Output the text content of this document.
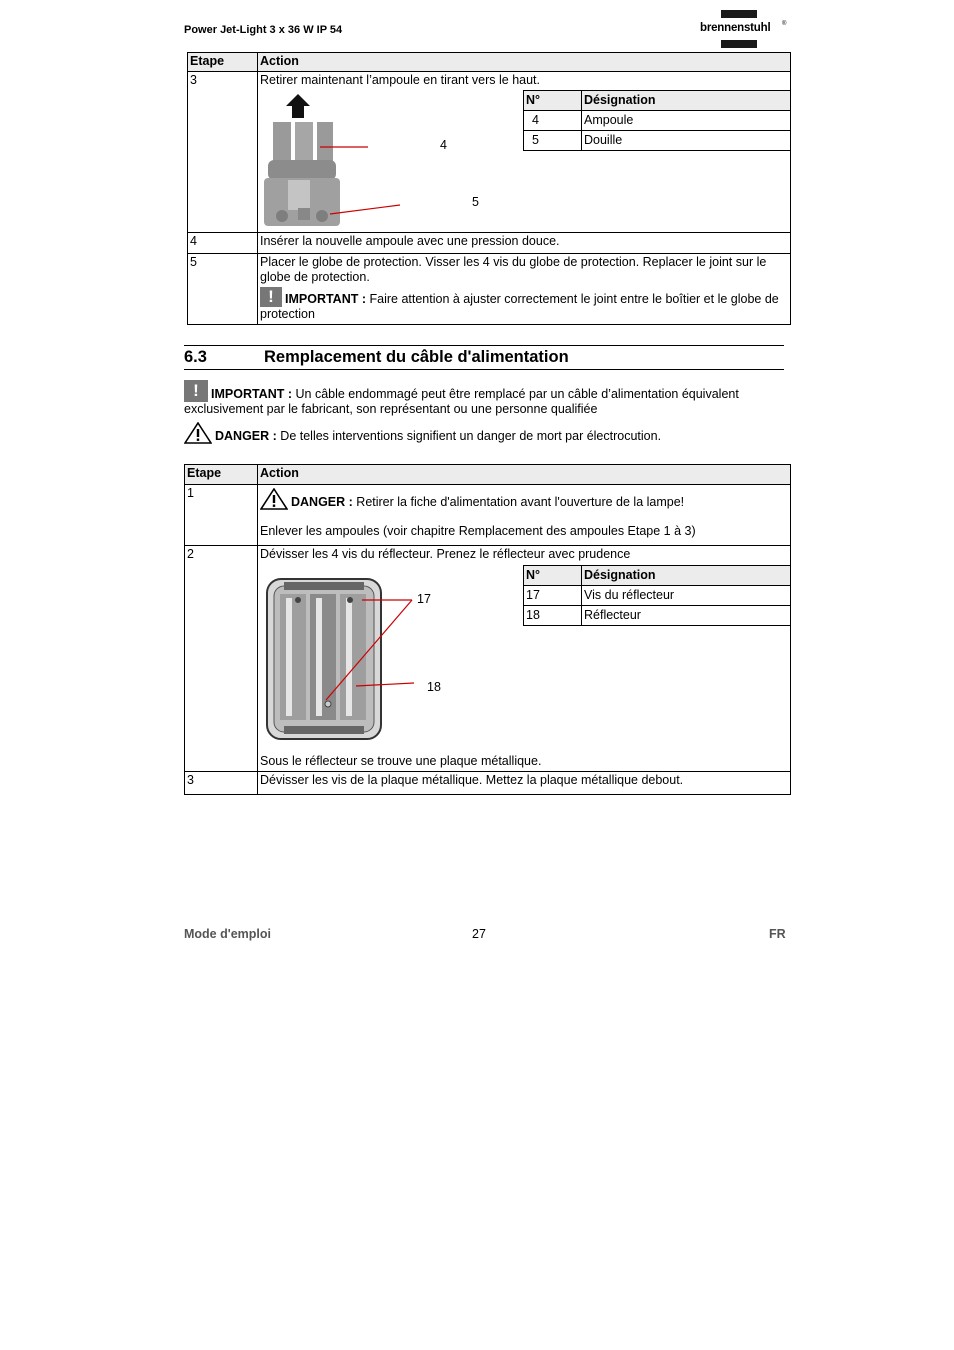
Power Jet-Light 3 x 36 W IP 54	brennenstuhl ®
Etape	Action
3	Retirer maintenant l’ampoule en tirant vers le haut.
4
5

4	Insérer la nouvelle ampoule avec une pression douce.
5	Placer le globe de protection. Visser les 4 vis du globe de protection. Replacer le joint sur le globe de protection.
! IMPORTANT : Faire attention à ajuster correctement le joint entre le boîtier et le globe de protection
N°	Désignation
4	Ampoule
5	Douille
6.3	Remplacement du câble d'alimentation
! IMPORTANT : Un câble endommagé peut être remplacé par un câble d’alimentation équivalent exclusivement par le fabricant, son représentant ou une personne qualifiée
DANGER : De telles interventions signifient un danger de mort par électrocution.
Etape	Action
1	DANGER : Retirer la fiche d'alimentation avant l'ouverture de la lampe!
Enlever les ampoules (voir chapitre Remplacement des ampoules Etape 1 à 3)

2	Dévisser les 4 vis du réflecteur. Prenez le réflecteur avec prudence
17
18
Sous le réflecteur se trouve une plaque métallique.

3	Dévisser les vis de la plaque métallique. Mettez la plaque métallique debout.
N°	Désignation
17	Vis du réflecteur
18	Réflecteur
Mode d'emploi	27	FR
